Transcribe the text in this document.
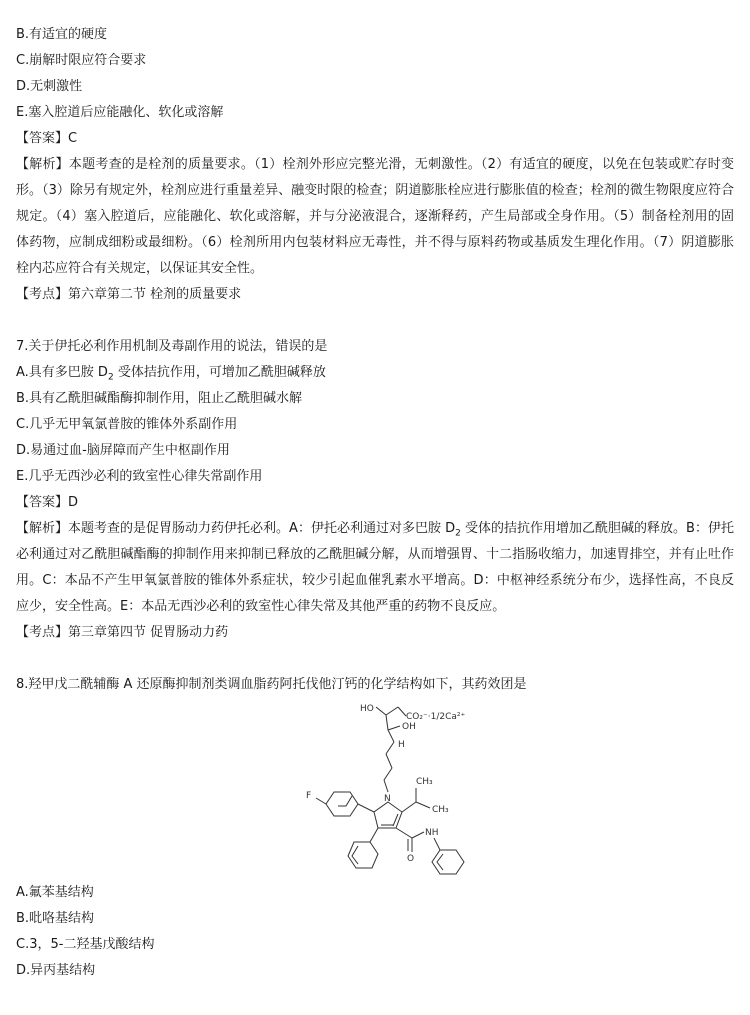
B.有适宜的硬度
C.崩解时限应符合要求
D.无刺激性
E.塞入腔道后应能融化、软化或溶解
【答案】C
【解析】本题考查的是栓剂的质量要求。（1）栓剂外形应完整光滑，无刺激性。（2）有适宜的硬度，以免在包装或贮存时变形。（3）除另有规定外，栓剂应进行重量差异、融变时限的检查；阴道膨胀栓应进行膨胀值的检查；栓剂的微生物限度应符合规定。（4）塞入腔道后，应能融化、软化或溶解，并与分泌液混合，逐渐释药，产生局部或全身作用。（5）制备栓剂用的固体药物，应制成细粉或最细粉。（6）栓剂所用内包装材料应无毒性，并不得与原料药物或基质发生理化作用。（7）阴道膨胀栓内芯应符合有关规定，以保证其安全性。
【考点】第六章第二节 栓剂的质量要求
7.关于伊托必利作用机制及毒副作用的说法，错误的是
A.具有多巴胺 $D_2$ 受体拮抗作用，可增加乙酰胆碱释放
B.具有乙酰胆碱酯酶抑制作用，阻止乙酰胆碱水解
C.几乎无甲氧氯普胺的锥体外系副作用
D.易通过血-脑屏障而产生中枢副作用
E.几乎无西沙必利的致室性心律失常副作用
【答案】D
【解析】本题考查的是促胃肠动力药伊托必利。A：伊托必利通过对多巴胺 $D_2$ 受体的拮抗作用增加乙酰胆碱的释放。B：伊托必利通过对乙酰胆碱酯酶的抑制作用来抑制已释放的乙酰胆碱分解，从而增强胃、十二指肠收缩力，加速胃排空，并有止吐作用。C：本品不产生甲氧氯普胺的锥体外系症状，较少引起血催乳素水平增高。D：中枢神经系统分布少，选择性高，不良反应少，安全性高。E：本品无西沙必利的致室性心律失常及其他严重的药物不良反应。
【考点】第三章第四节 促胃肠动力药
8.羟甲戊二酰辅酶 A 还原酶抑制剂类调血脂药阿托伐他汀钙的化学结构如下，其药效团是
HO
CO₂⁻·1/2Ca²⁺
OH
H
N
CH₃
CH₃
F
O
NH
A.氟苯基结构
B.吡咯基结构
C.3，5-二羟基戊酸结构
D.异丙基结构
